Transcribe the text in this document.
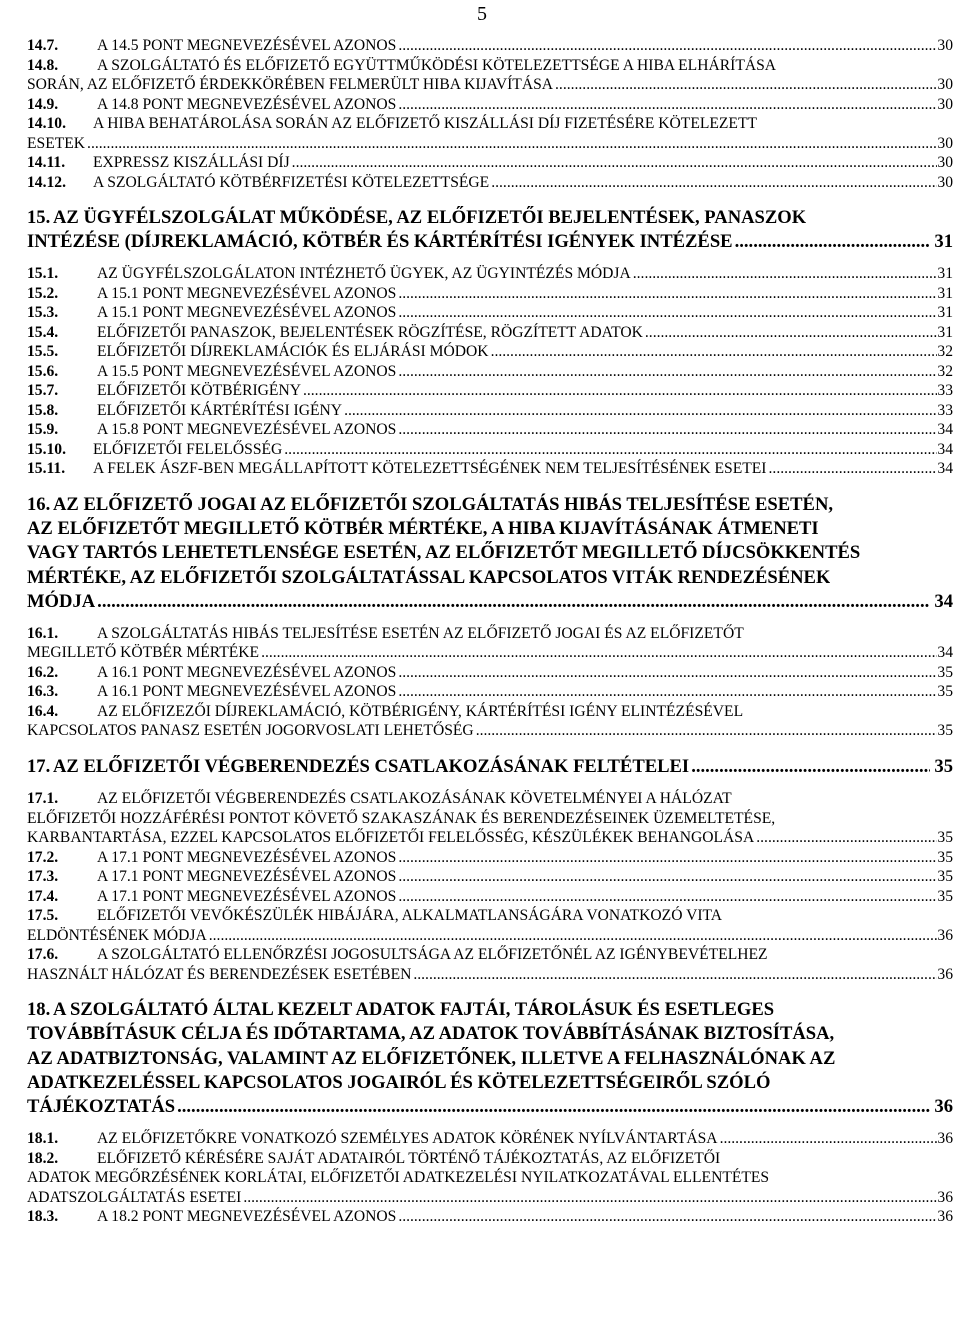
5
14.7.	A 14.5 PONT MEGNEVEZÉSÉVEL AZONOS .....	30
14.8.	A SZOLGÁLTATÓ ÉS ELŐFIZETŐ EGYÜTTMŰKÖDÉSI KÖTELEZETTSÉGE A HIBA ELHÁRÍTÁSA
SORÁN, AZ ELŐFIZETŐ ÉRDEKKÖRÉBEN FELMERÜLT HIBA KIJAVÍTÁSA .....	30
14.9.	A 14.8 PONT MEGNEVEZÉSÉVEL AZONOS .....	30
14.10.	A HIBA BEHATÁROLÁSA SORÁN AZ ELŐFIZETŐ KISZÁLLÁSI DÍJ FIZETÉSÉRE KÖTELEZETT
ESETEK .....	30
14.11.	EXPRESSZ KISZÁLLÁSI DÍJ .....	30
14.12.	A SZOLGÁLTATÓ KÖTBÉRFIZETÉSI KÖTELEZETTSÉGE .....	30
15. AZ ÜGYFÉLSZOLGÁLAT MŰKÖDÉSE, AZ ELŐFIZETŐI BEJELENTÉSEK, PANASZOK
INTÉZÉSE (DÍJREKLAMÁCIÓ, KÖTBÉR ÉS KÁRTÉRÍTÉSI IGÉNYEK INTÉZÉSE .....	31
15.1.	AZ ÜGYFÉLSZOLGÁLATON INTÉZHETŐ ÜGYEK, AZ ÜGYINTÉZÉS MÓDJA .....	31
15.2.	A 15.1 PONT MEGNEVEZÉSÉVEL AZONOS .....	31
15.3.	A 15.1 PONT MEGNEVEZÉSÉVEL AZONOS .....	31
15.4.	ELŐFIZETŐI PANASZOK, BEJELENTÉSEK RÖGZÍTÉSE, RÖGZÍTETT ADATOK .....	31
15.5.	ELŐFIZETŐI DÍJREKLAMÁCIÓK ÉS ELJÁRÁSI MÓDOK .....	32
15.6.	A 15.5 PONT MEGNEVEZÉSÉVEL AZONOS .....	32
15.7.	ELŐFIZETŐI KÖTBÉRIGÉNY .....	33
15.8.	ELŐFIZETŐI KÁRTÉRÍTÉSI IGÉNY .....	33
15.9.	A 15.8 PONT MEGNEVEZÉSÉVEL AZONOS .....	34
15.10.	ELŐFIZETŐI FELELŐSSÉG .....	34
15.11.	A FELEK ÁSZF-BEN MEGÁLLAPÍTOTT KÖTELEZETTSÉGÉNEK NEM TELJESÍTÉSÉNEK ESETEI .....	34
16. AZ ELŐFIZETŐ JOGAI AZ ELŐFIZETŐI SZOLGÁLTATÁS HIBÁS TELJESÍTÉSE ESETÉN,
AZ ELŐFIZETŐT MEGILLETŐ KÖTBÉR MÉRTÉKE, A HIBA KIJAVÍTÁSÁNAK ÁTMENETI
VAGY TARTÓS LEHETETLENSÉGE ESETÉN, AZ ELŐFIZETŐT MEGILLETŐ DÍJCSÖKKENTÉS
MÉRTÉKE, AZ ELŐFIZETŐI SZOLGÁLTATÁSSAL KAPCSOLATOS VITÁK RENDEZÉSÉNEK
MÓDJA .....	34
16.1.	A SZOLGÁLTATÁS HIBÁS TELJESÍTÉSE ESETÉN AZ ELŐFIZETŐ JOGAI ÉS AZ ELŐFIZETŐT
MEGILLETŐ KÖTBÉR MÉRTÉKE .....	34
16.2.	A 16.1 PONT MEGNEVEZÉSÉVEL AZONOS .....	35
16.3.	A 16.1 PONT MEGNEVEZÉSÉVEL AZONOS .....	35
16.4.	AZ ELŐFIZEZŐI DÍJREKLAMÁCIÓ, KÖTBÉRIGÉNY, KÁRTÉRÍTÉSI IGÉNY ELINTÉZÉSÉVEL
KAPCSOLATOS PANASZ ESETÉN JOGORVOSLATI LEHETŐSÉG .....	35
17. AZ ELŐFIZETŐI VÉGBERENDEZÉS CSATLAKOZÁSÁNAK FELTÉTELEI .....	35
17.1.	AZ ELŐFIZETŐI VÉGBERENDEZÉS CSATLAKOZÁSÁNAK KÖVETELMÉNYEI A HÁLÓZAT
ELŐFIZETŐI HOZZÁFÉRÉSI PONTOT KÖVETŐ SZAKASZÁNAK ÉS BERENDEZÉSEINEK ÜZEMELTETÉSE,
KARBANTARTÁSA, EZZEL KAPCSOLATOS ELŐFIZETŐI FELELŐSSÉG, KÉSZÜLÉKEK BEHANGOLÁSA .....	35
17.2.	A 17.1 PONT MEGNEVEZÉSÉVEL AZONOS .....	35
17.3.	A 17.1 PONT MEGNEVEZÉSÉVEL AZONOS .....	35
17.4.	A 17.1 PONT MEGNEVEZÉSÉVEL AZONOS .....	35
17.5.	ELŐFIZETŐI VEVŐKÉSZÜLÉK HIBÁJÁRA, ALKALMATLANSÁGÁRA VONATKOZÓ VITA
ELDÖNTÉSÉNEK MÓDJA .....	36
17.6.	A SZOLGÁLTATÓ ELLENŐRZÉSI JOGOSULTSÁGA AZ ELŐFIZETŐNÉL AZ IGÉNYBEVÉTELHEZ
HASZNÁLT HÁLÓZAT ÉS BERENDEZÉSEK ESETÉBEN .....	36
18. A SZOLGÁLTATÓ ÁLTAL KEZELT ADATOK FAJTÁI, TÁROLÁSUK ÉS ESETLEGES
TOVÁBBÍTÁSUK CÉLJA ÉS IDŐTARTAMA, AZ ADATOK TOVÁBBÍTÁSÁNAK BIZTOSÍTÁSA,
AZ ADATBIZTONSÁG, VALAMINT AZ ELŐFIZETŐNEK, ILLETVE A FELHASZNÁLÓNAK AZ
ADATKEZELÉSSEL KAPCSOLATOS JOGAIRÓL ÉS KÖTELEZETTSÉGEIRŐL SZÓLÓ
TÁJÉKOZTATÁS .....	36
18.1.	AZ ELŐFIZETŐKRE VONATKOZÓ SZEMÉLYES ADATOK KÖRÉNEK NYÍLVÁNTARTÁSA .....	36
18.2.	ELŐFIZETŐ KÉRÉSÉRE SAJÁT ADATAIRÓL TÖRTÉNŐ TÁJÉKOZTATÁS, AZ ELŐFIZETŐI
ADATOK MEGŐRZÉSÉNEK KORLÁTAI, ELŐFIZETŐI ADATKEZELÉSI NYILATKOZATÁVAL ELLENTÉTES
ADATSZOLGÁLTATÁS ESETEI .....	36
18.3.	A 18.2 PONT MEGNEVEZÉSÉVEL AZONOS .....	36
